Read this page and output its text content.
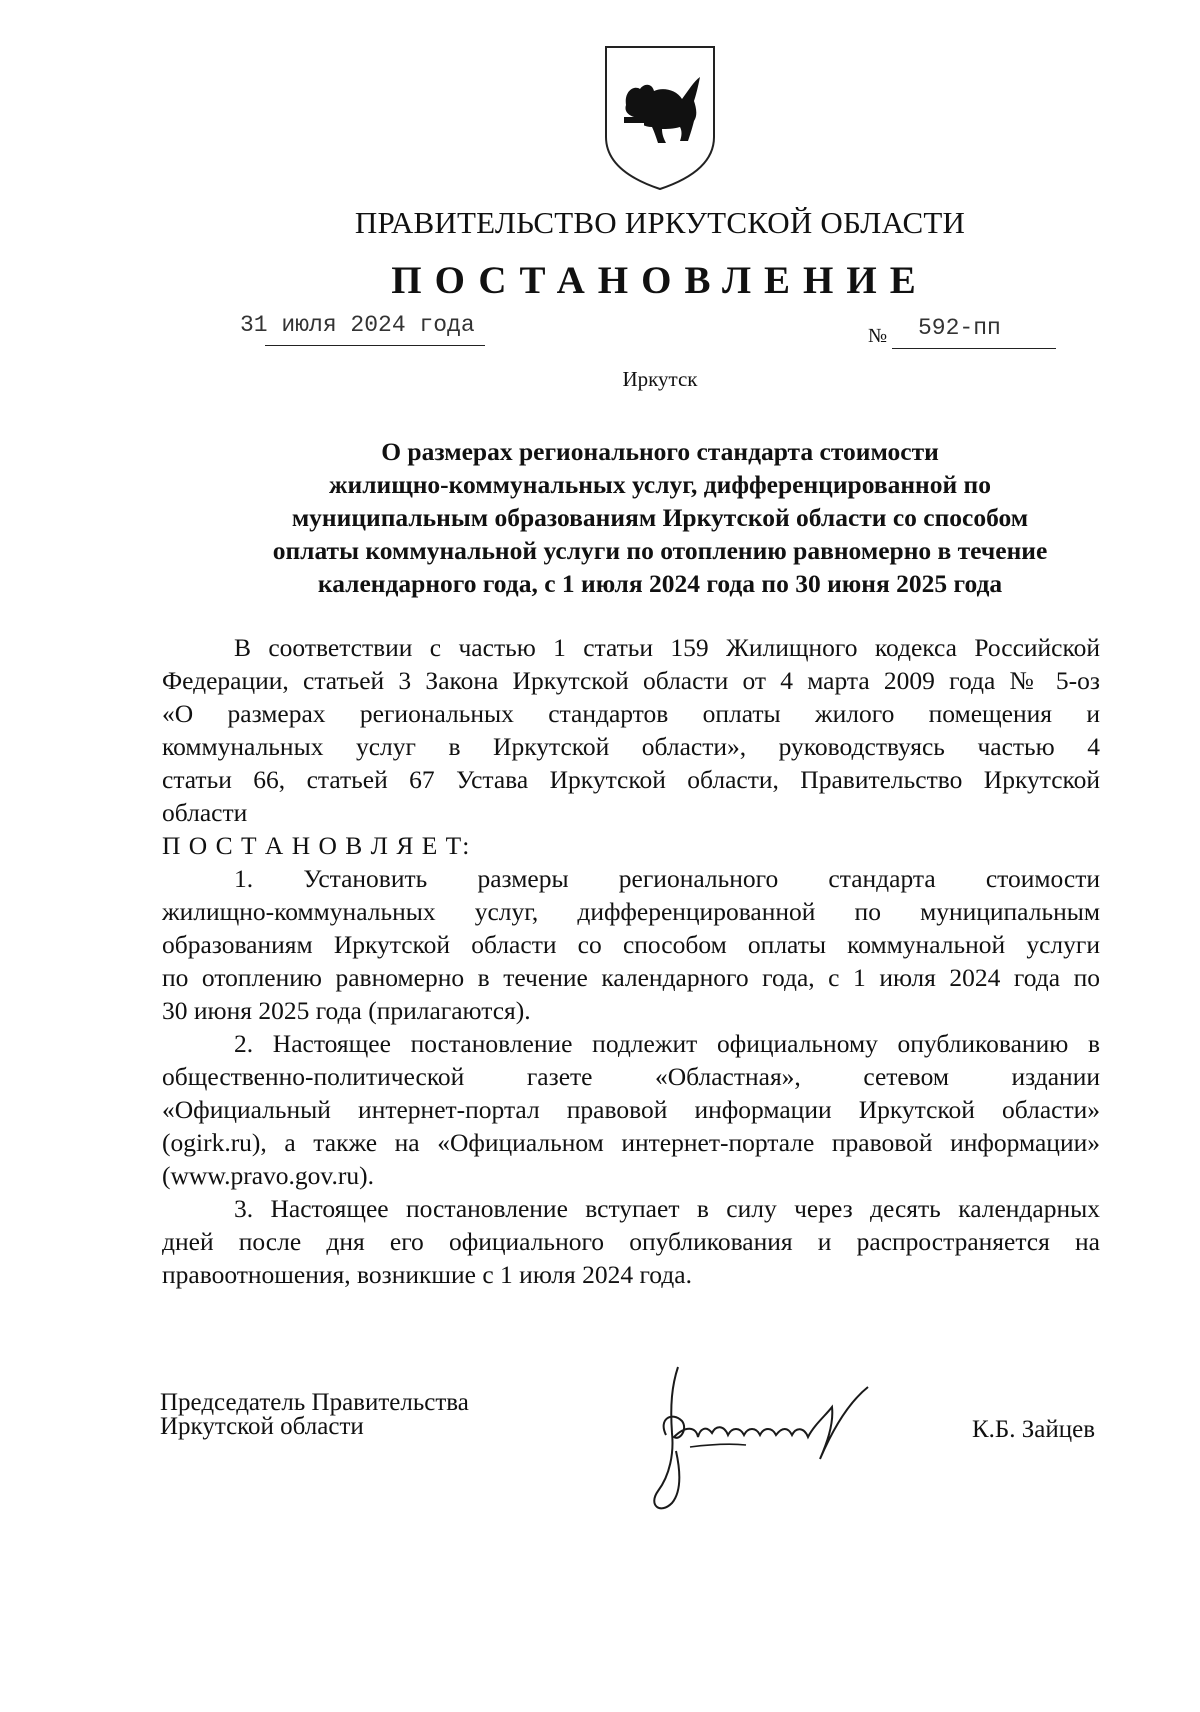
ПРАВИТЕЛЬСТВО ИРКУТСКОЙ ОБЛАСТИ
ПОСТАНОВЛЕНИЕ
31 июля 2024 года	№ 592-пп
Иркутск
О размерах регионального стандарта стоимости
жилищно-коммунальных услуг, дифференцированной по
муниципальным образованиям Иркутской области со способом
оплаты коммунальной услуги по отоплению равномерно в течение
календарного года, с 1 июля 2024 года по 30 июня 2025 года
В соответствии с частью 1 статьи 159 Жилищного кодекса Российской
Федерации, статьей 3 Закона Иркутской области от 4 марта 2009 года № 5-оз
«О размерах региональных стандартов оплаты жилого помещения и
коммунальных услуг в Иркутской области», руководствуясь частью 4
статьи 66, статьей 67 Устава Иркутской области, Правительство Иркутской
области
П О С Т А Н О В Л Я Е Т:
1. Установить размеры регионального стандарта стоимости
жилищно-коммунальных услуг, дифференцированной по муниципальным
образованиям Иркутской области со способом оплаты коммунальной услуги
по отоплению равномерно в течение календарного года, с 1 июля 2024 года по
30 июня 2025 года (прилагаются).
2. Настоящее постановление подлежит официальному опубликованию в
общественно-политической газете «Областная», сетевом издании
«Официальный интернет-портал правовой информации Иркутской области»
(ogirk.ru), а также на «Официальном интернет-портале правовой информации»
(www.pravo.gov.ru).
3. Настоящее постановление вступает в силу через десять календарных
дней после дня его официального опубликования и распространяется на
правоотношения, возникшие с 1 июля 2024 года.
Председатель Правительства
Иркутской области	К.Б. Зайцев
